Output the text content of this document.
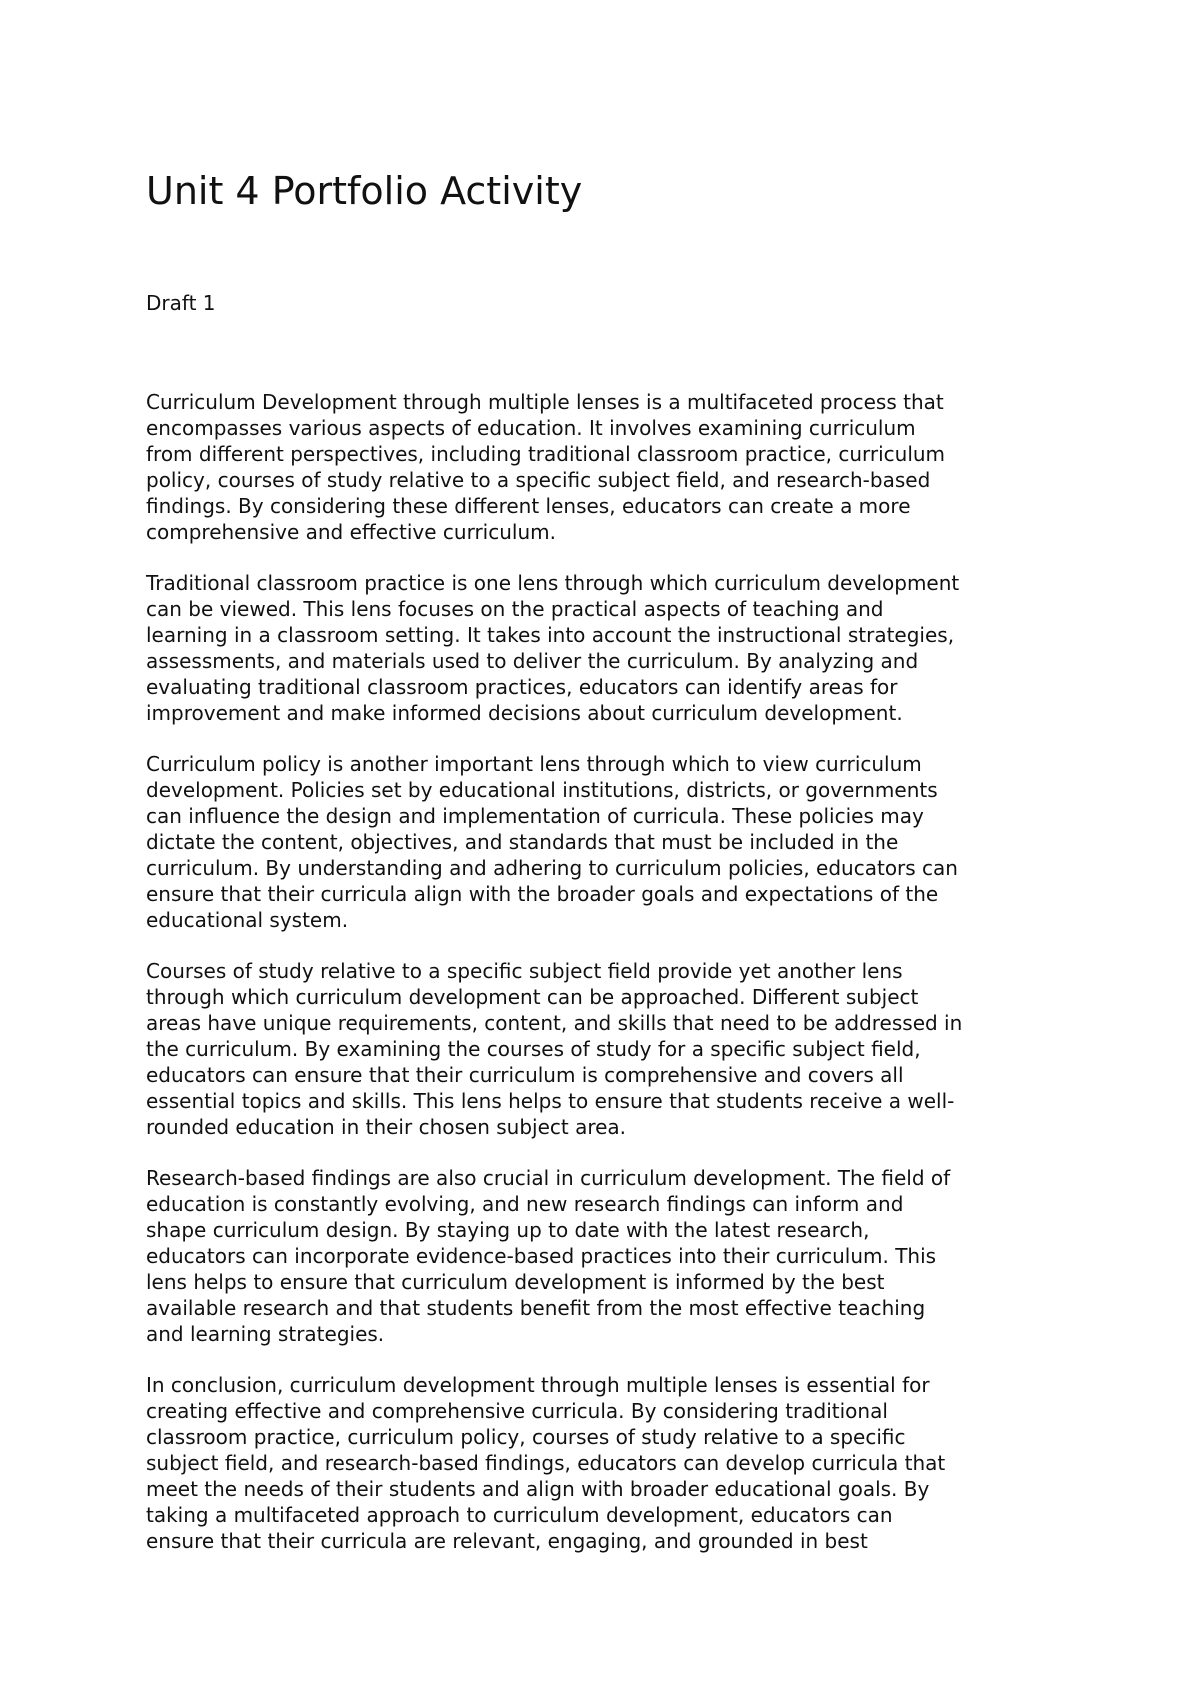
Unit 4 Portfolio Activity

Draft 1

Curriculum Development through multiple lenses is a multifaceted process that
encompasses various aspects of education. It involves examining curriculum
from different perspectives, including traditional classroom practice, curriculum
policy, courses of study relative to a specific subject field, and research-based
findings. By considering these different lenses, educators can create a more
comprehensive and effective curriculum.

Traditional classroom practice is one lens through which curriculum development
can be viewed. This lens focuses on the practical aspects of teaching and
learning in a classroom setting. It takes into account the instructional strategies,
assessments, and materials used to deliver the curriculum. By analyzing and
evaluating traditional classroom practices, educators can identify areas for
improvement and make informed decisions about curriculum development.

Curriculum policy is another important lens through which to view curriculum
development. Policies set by educational institutions, districts, or governments
can influence the design and implementation of curricula. These policies may
dictate the content, objectives, and standards that must be included in the
curriculum. By understanding and adhering to curriculum policies, educators can
ensure that their curricula align with the broader goals and expectations of the
educational system.

Courses of study relative to a specific subject field provide yet another lens
through which curriculum development can be approached. Different subject
areas have unique requirements, content, and skills that need to be addressed in
the curriculum. By examining the courses of study for a specific subject field,
educators can ensure that their curriculum is comprehensive and covers all
essential topics and skills. This lens helps to ensure that students receive a well-
rounded education in their chosen subject area.

Research-based findings are also crucial in curriculum development. The field of
education is constantly evolving, and new research findings can inform and
shape curriculum design. By staying up to date with the latest research,
educators can incorporate evidence-based practices into their curriculum. This
lens helps to ensure that curriculum development is informed by the best
available research and that students benefit from the most effective teaching
and learning strategies.

In conclusion, curriculum development through multiple lenses is essential for
creating effective and comprehensive curricula. By considering traditional
classroom practice, curriculum policy, courses of study relative to a specific
subject field, and research-based findings, educators can develop curricula that
meet the needs of their students and align with broader educational goals. By
taking a multifaceted approach to curriculum development, educators can
ensure that their curricula are relevant, engaging, and grounded in best
